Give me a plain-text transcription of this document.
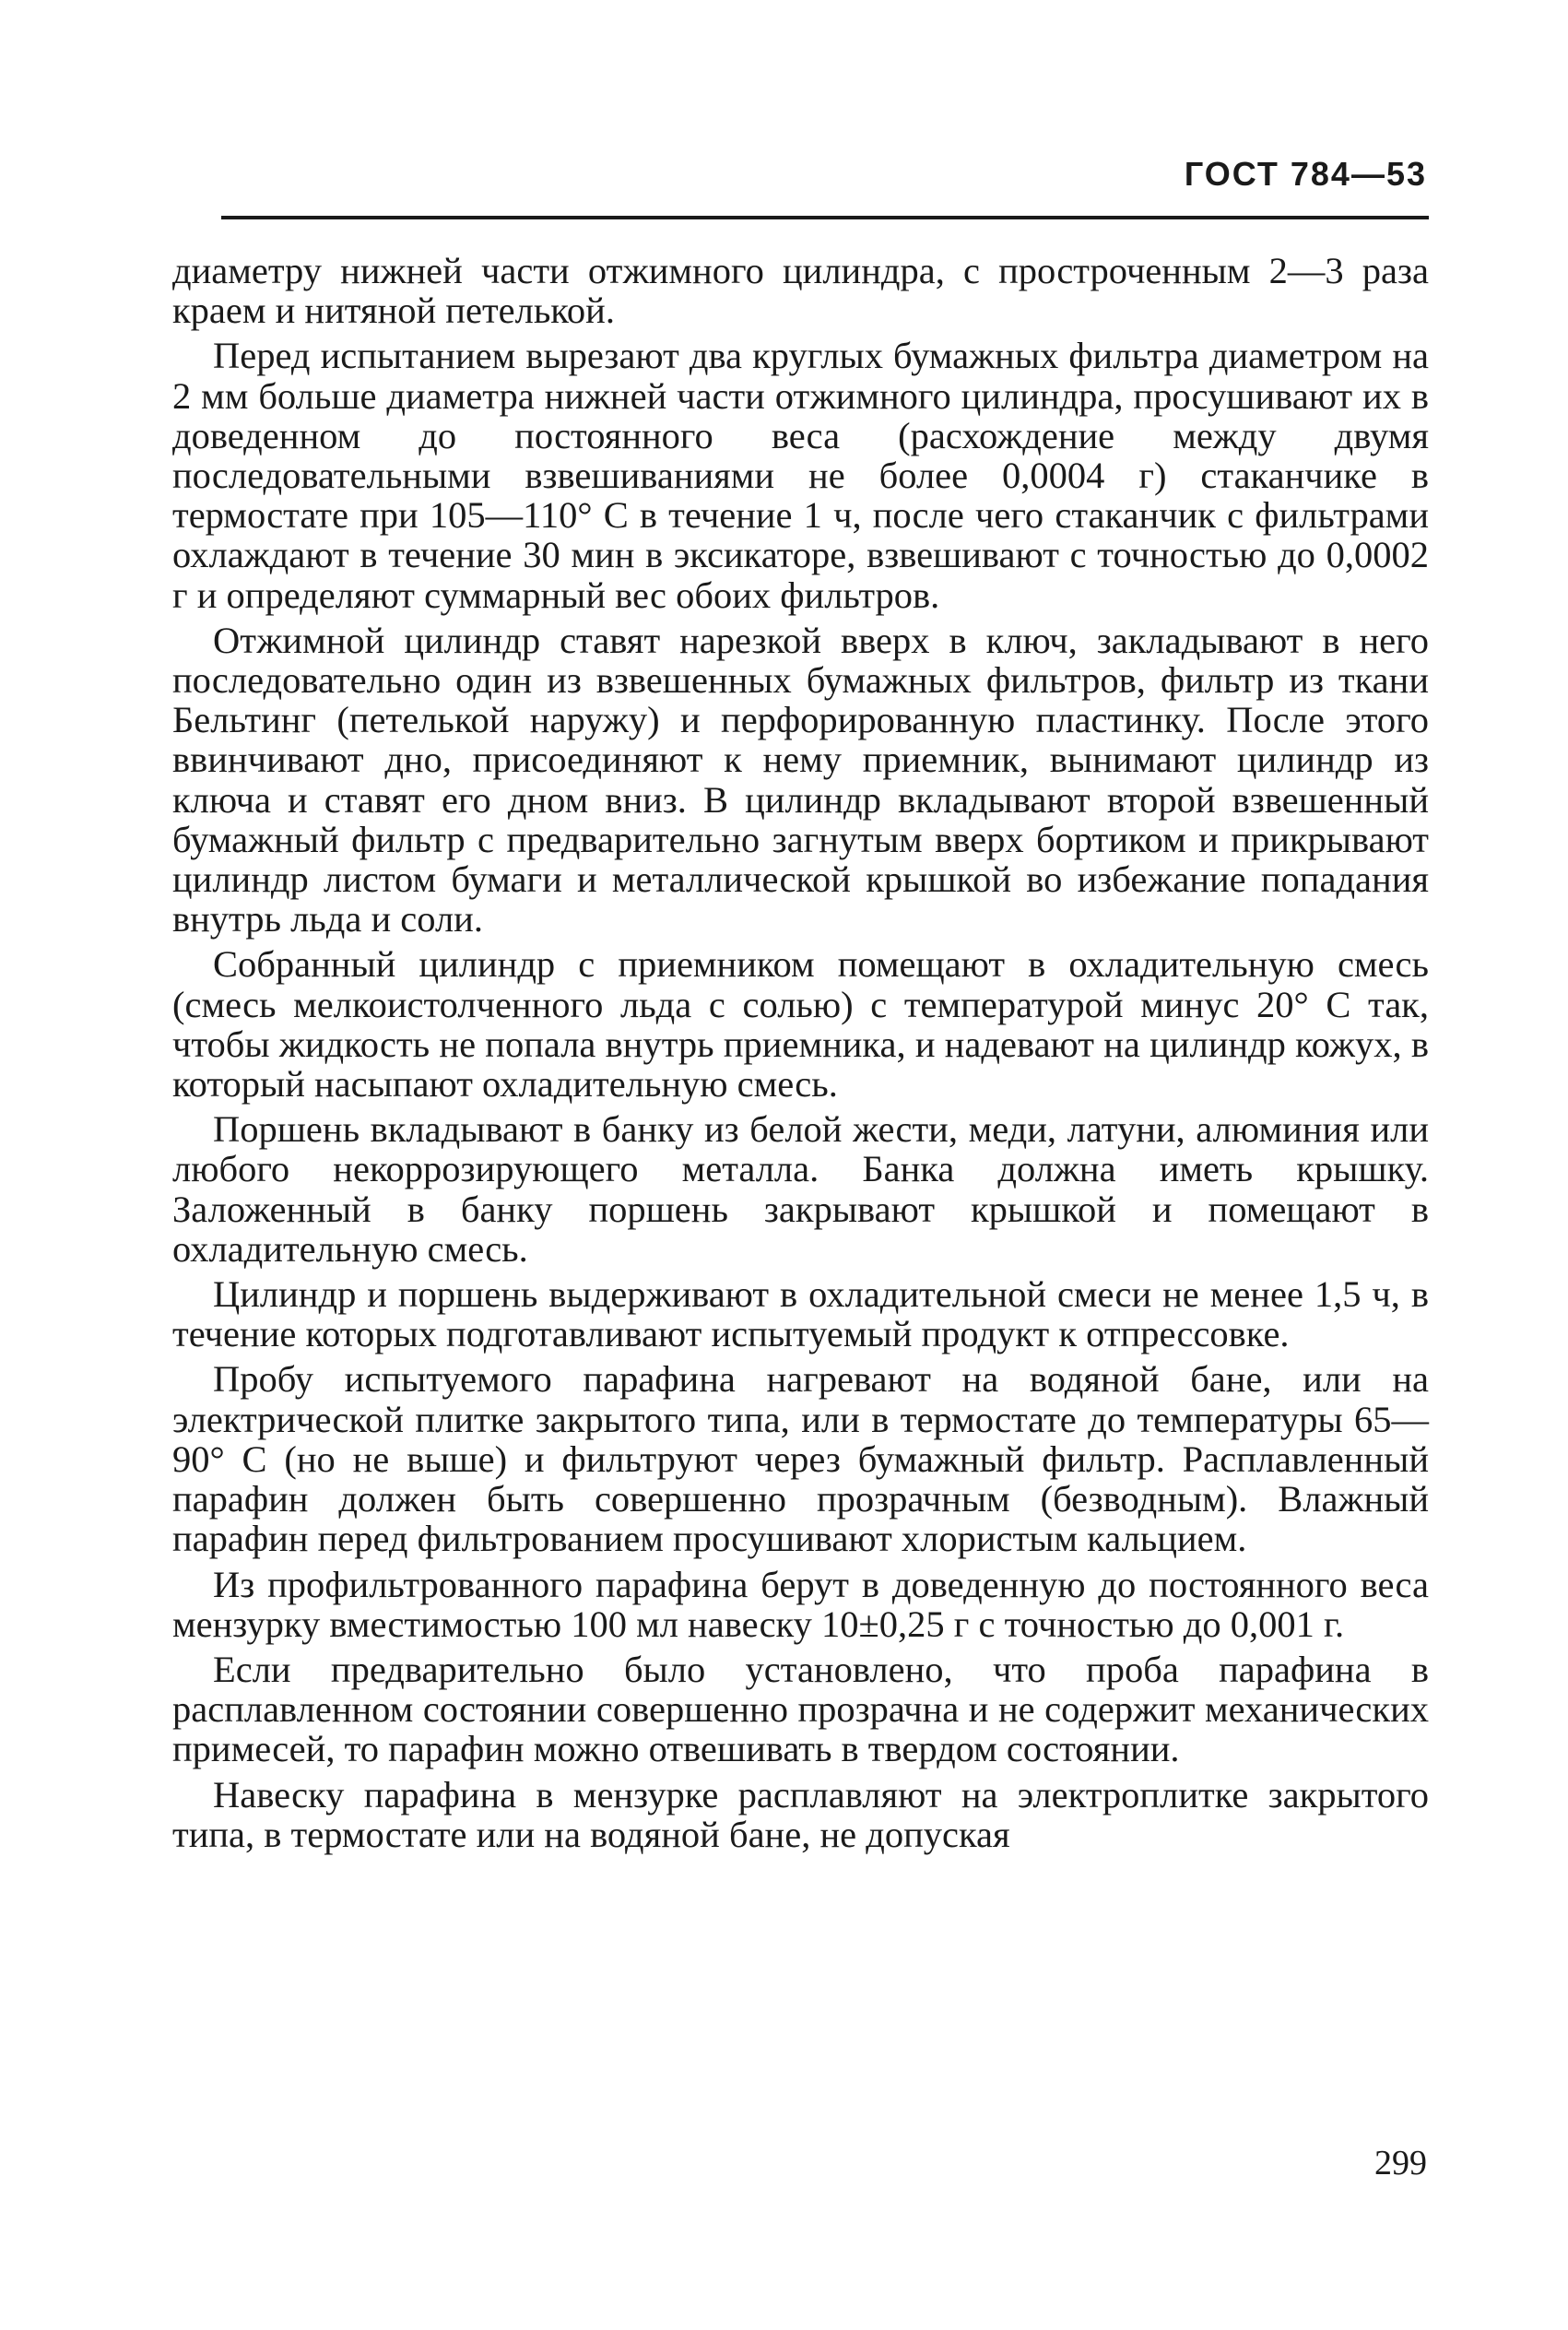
ГОСТ 784—53

диаметру нижней части отжимного цилиндра, с простроченным 2—3 раза краем и нитяной петелькой.

Перед испытанием вырезают два круглых бумажных фильтра диаметром на 2 мм больше диаметра нижней части отжимного цилиндра, просушивают их в доведенном до постоянного веса (расхождение между двумя последовательными взвешиваниями не более 0,0004 г) стаканчике в термостате при 105—110° С в течение 1 ч, после чего стаканчик с фильтрами охлаждают в течение 30 мин в эксикаторе, взвешивают с точностью до 0,0002 г и определяют суммарный вес обоих фильтров.

Отжимной цилиндр ставят нарезкой вверх в ключ, закладывают в него последовательно один из взвешенных бумажных фильтров, фильтр из ткани Бельтинг (петелькой наружу) и перфорированную пластинку. После этого ввинчивают дно, присоединяют к нему приемник, вынимают цилиндр из ключа и ставят его дном вниз. В цилиндр вкладывают второй взвешенный бумажный фильтр с предварительно загнутым вверх бортиком и прикрывают цилиндр листом бумаги и металлической крышкой во избежание попадания внутрь льда и соли.

Собранный цилиндр с приемником помещают в охладительную смесь (смесь мелкоистолченного льда с солью) с температурой минус 20° С так, чтобы жидкость не попала внутрь приемника, и надевают на цилиндр кожух, в который насыпают охладительную смесь.

Поршень вкладывают в банку из белой жести, меди, латуни, алюминия или любого некоррозирующего металла. Банка должна иметь крышку. Заложенный в банку поршень закрывают крышкой и помещают в охладительную смесь.

Цилиндр и поршень выдерживают в охладительной смеси не менее 1,5 ч, в течение которых подготавливают испытуемый продукт к отпрессовке.

Пробу испытуемого парафина нагревают на водяной бане, или на электрической плитке закрытого типа, или в термостате до температуры 65—90° С (но не выше) и фильтруют через бумажный фильтр. Расплавленный парафин должен быть совершенно прозрачным (безводным). Влажный парафин перед фильтрованием просушивают хлористым кальцием.

Из профильтрованного парафина берут в доведенную до постоянного веса мензурку вместимостью 100 мл навеску 10±0,25 г с точностью до 0,001 г.

Если предварительно было установлено, что проба парафина в расплавленном состоянии совершенно прозрачна и не содержит механических примесей, то парафин можно отвешивать в твердом состоянии.

Навеску парафина в мензурке расплавляют на электроплитке закрытого типа, в термостате или на водяной бане, не допуская

299
